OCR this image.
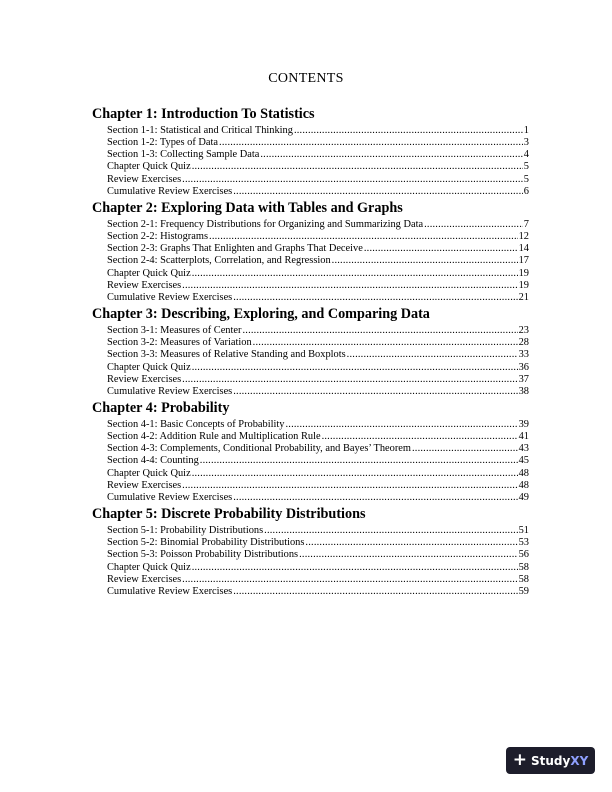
CONTENTS
Chapter 1: Introduction To Statistics
Section 1-1: Statistical and Critical Thinking .....	1
Section 1-2: Types of Data .....	3
Section 1-3: Collecting Sample Data .....	4
Chapter Quick Quiz .....	5
Review Exercises .....	5
Cumulative Review Exercises .....	6
Chapter 2: Exploring Data with Tables and Graphs
Section 2-1: Frequency Distributions for Organizing and Summarizing Data .....	7
Section 2-2: Histograms .....	12
Section 2-3: Graphs That Enlighten and Graphs That Deceive .....	14
Section 2-4: Scatterplots, Correlation, and Regression .....	17
Chapter Quick Quiz .....	19
Review Exercises .....	19
Cumulative Review Exercises .....	21
Chapter 3: Describing, Exploring, and Comparing Data
Section 3-1: Measures of Center .....	23
Section 3-2: Measures of Variation .....	28
Section 3-3: Measures of Relative Standing and Boxplots .....	33
Chapter Quick Quiz .....	36
Review Exercises .....	37
Cumulative Review Exercises .....	38
Chapter 4: Probability
Section 4-1: Basic Concepts of Probability .....	39
Section 4-2: Addition Rule and Multiplication Rule .....	41
Section 4-3: Complements, Conditional Probability, and Bayes’ Theorem .....	43
Section 4-4: Counting .....	45
Chapter Quick Quiz .....	48
Review Exercises .....	48
Cumulative Review Exercises .....	49
Chapter 5: Discrete Probability Distributions
Section 5-1: Probability Distributions .....	51
Section 5-2: Binomial Probability Distributions .....	53
Section 5-3: Poisson Probability Distributions .....	56
Chapter Quick Quiz .....	58
Review Exercises .....	58
Cumulative Review Exercises .....	59
+ Study XY
